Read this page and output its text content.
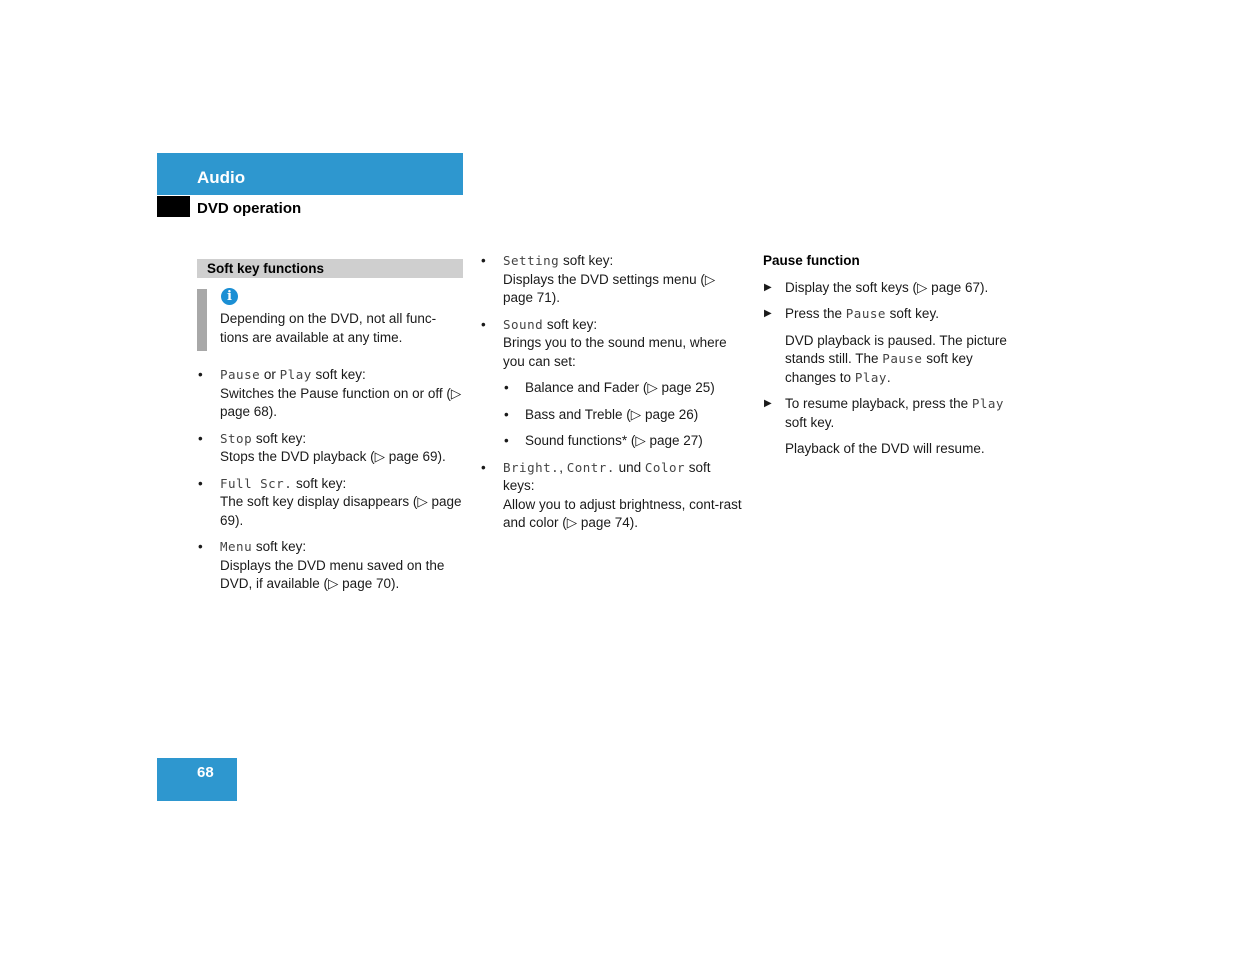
Audio
DVD operation
Soft key functions
i
Depending on the DVD, not all func-tions are available at any time.
• Pause or Play soft key:
Switches the Pause function on or off (▷ page 68).
• Stop soft key:
Stops the DVD playback (▷ page 69).
• Full Scr. soft key:
The soft key display disappears (▷ page 69).
• Menu soft key:
Displays the DVD menu saved on the DVD, if available (▷ page 70).
• Setting soft key:
Displays the DVD settings menu (▷ page 71).
• Sound soft key:
Brings you to the sound menu, where you can set:
• Balance and Fader (▷ page 25)
• Bass and Treble (▷ page 26)
• Sound functions* (▷ page 27)
• Bright., Contr. und Color soft keys:
Allow you to adjust brightness, cont-rast and color (▷ page 74).
Pause function
▶ Display the soft keys (▷ page 67).
▶ Press the Pause soft key.
DVD playback is paused. The picture stands still. The Pause soft key changes to Play.
▶ To resume playback, press the Play soft key.
Playback of the DVD will resume.
68
